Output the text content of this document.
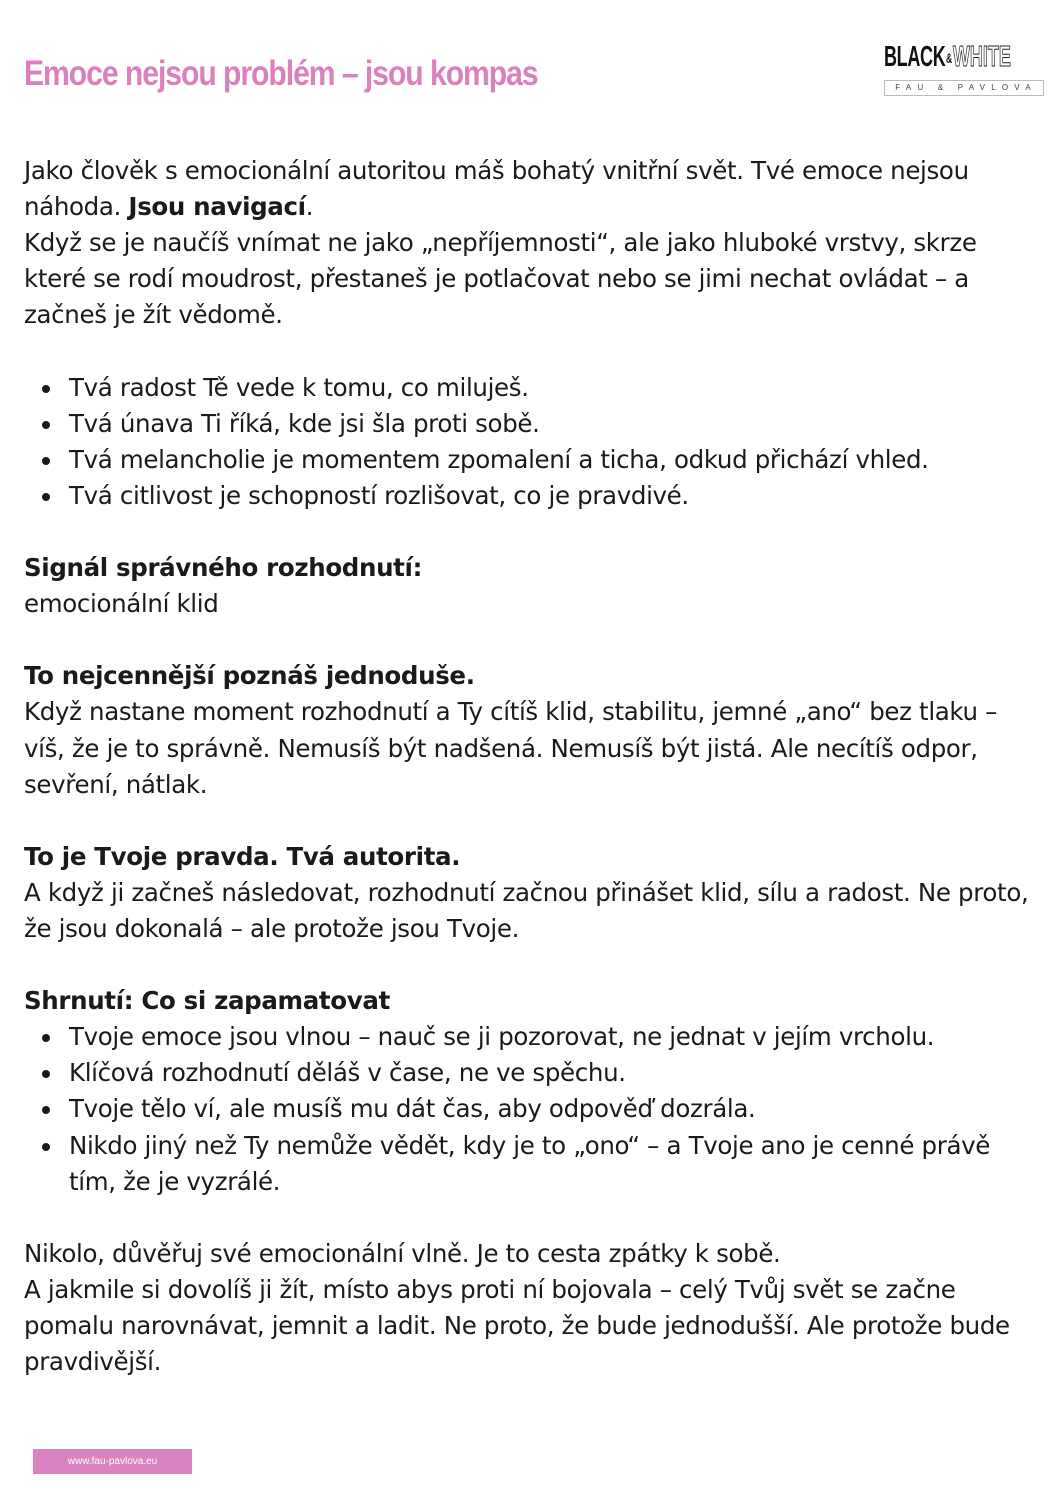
Emoce nejsou problém – jsou kompas	BLACK&WHITE
FAU & PAVLOVA

Jako člověk s emocionální autoritou máš bohatý vnitřní svět. Tvé emoce nejsou náhoda. Jsou navigací.

Když se je naučíš vnímat ne jako „nepříjemnosti“, ale jako hluboké vrstvy, skrze které se rodí moudrost, přestaneš je potlačovat nebo se jimi nechat ovládat – a začneš je žít vědomě.

Tvá radost Tě vede k tomu, co miluješ.
Tvá únava Ti říká, kde jsi šla proti sobě.
Tvá melancholie je momentem zpomalení a ticha, odkud přichází vhled.
Tvá citlivost je schopností rozlišovat, co je pravdivé.

Signál správného rozhodnutí:

emocionální klid

To nejcennější poznáš jednoduše.

Když nastane moment rozhodnutí a Ty cítíš klid, stabilitu, jemné „ano“ bez tlaku – víš, že je to správně. Nemusíš být nadšená. Nemusíš být jistá. Ale necítíš odpor, sevření, nátlak.

To je Tvoje pravda. Tvá autorita.

A když ji začneš následovat, rozhodnutí začnou přinášet klid, sílu a radost. Ne proto, že jsou dokonalá – ale protože jsou Tvoje.

Shrnutí: Co si zapamatovat

Tvoje emoce jsou vlnou – nauč se ji pozorovat, ne jednat v jejím vrcholu.
Klíčová rozhodnutí děláš v čase, ne ve spěchu.
Tvoje tělo ví, ale musíš mu dát čas, aby odpověď dozrála.
Nikdo jiný než Ty nemůže vědět, kdy je to „ono“ – a Tvoje ano je cenné právě tím, že je vyzrálé.

Nikolo, důvěřuj své emocionální vlně. Je to cesta zpátky k sobě.

A jakmile si dovolíš ji žít, místo abys proti ní bojovala – celý Tvůj svět se začne pomalu narovnávat, jemnit a ladit. Ne proto, že bude jednodušší. Ale protože bude pravdivější.

www.fau-pavlova.eu
